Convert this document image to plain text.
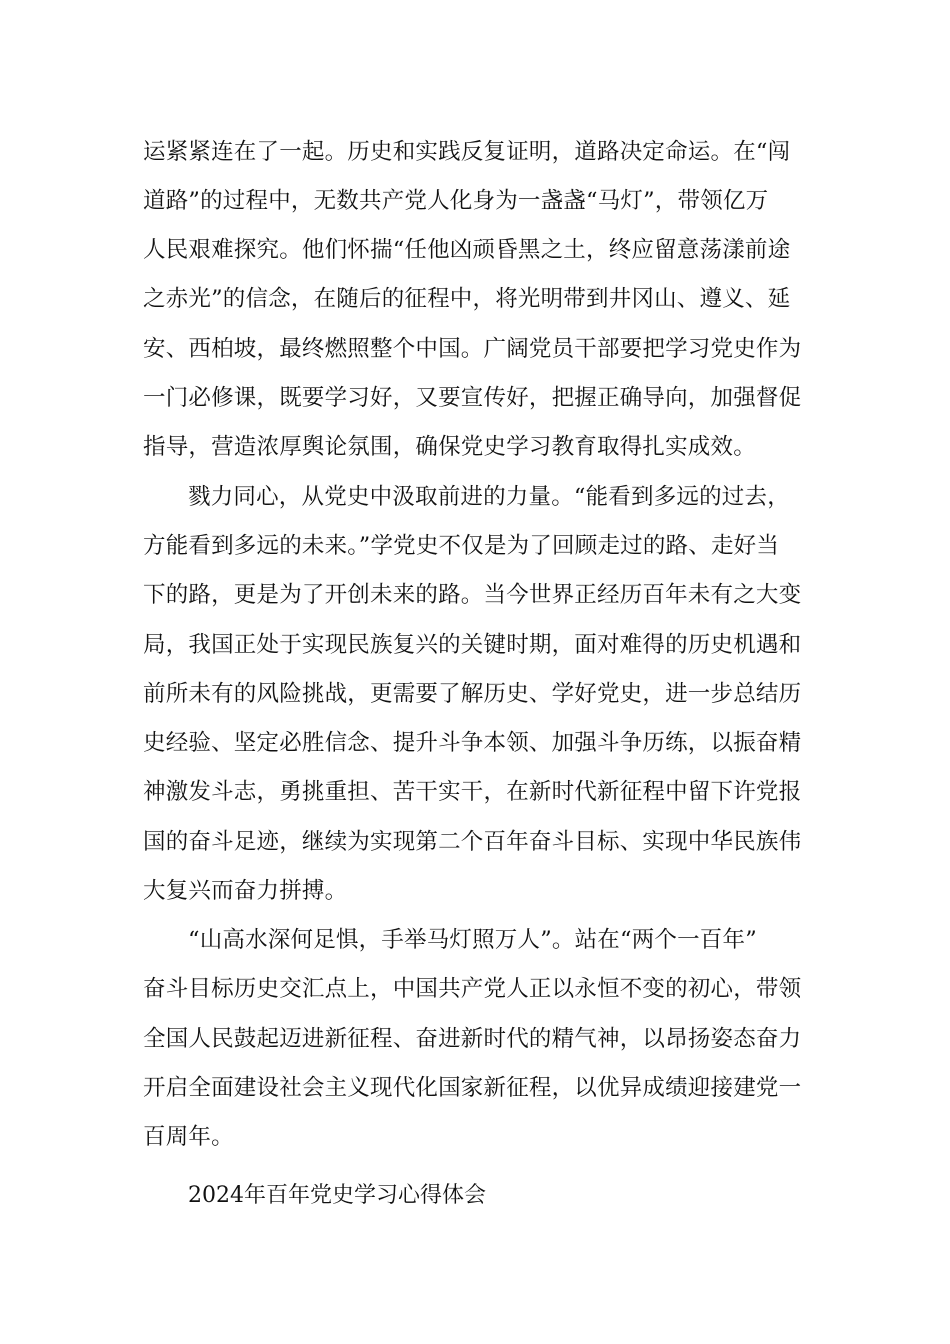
运紧紧连在了一起。历史和实践反复证明，道路决定命运。在“闯
道路”的过程中，无数共产党人化身为一盏盏“马灯”，带领亿万
人民艰难探究。他们怀揣“任他凶顽昏黑之土，终应留意荡漾前途
之赤光”的信念，在随后的征程中，将光明带到井冈山、遵义、延
安、西柏坡，最终燃照整个中国。广阔党员干部要把学习党史作为
一门必修课，既要学习好，又要宣传好，把握正确导向，加强督促
指导，营造浓厚舆论氛围，确保党史学习教育取得扎实成效。
戮力同心，从党史中汲取前进的力量。“能看到多远的过去，
方能看到多远的未来。”学党史不仅是为了回顾走过的路、走好当
下的路，更是为了开创未来的路。当今世界正经历百年未有之大变
局，我国正处于实现民族复兴的关键时期，面对难得的历史机遇和
前所未有的风险挑战，更需要了解历史、学好党史，进一步总结历
史经验、坚定必胜信念、提升斗争本领、加强斗争历练，以振奋精
神激发斗志，勇挑重担、苦干实干，在新时代新征程中留下许党报
国的奋斗足迹，继续为实现第二个百年奋斗目标、实现中华民族伟
大复兴而奋力拼搏。
“山高水深何足惧，手举马灯照万人”。站在“两个一百年”
奋斗目标历史交汇点上，中国共产党人正以永恒不变的初心，带领
全国人民鼓起迈进新征程、奋进新时代的精气神，以昂扬姿态奋力
开启全面建设社会主义现代化国家新征程，以优异成绩迎接建党一
百周年。
2024年百年党史学习心得体会
